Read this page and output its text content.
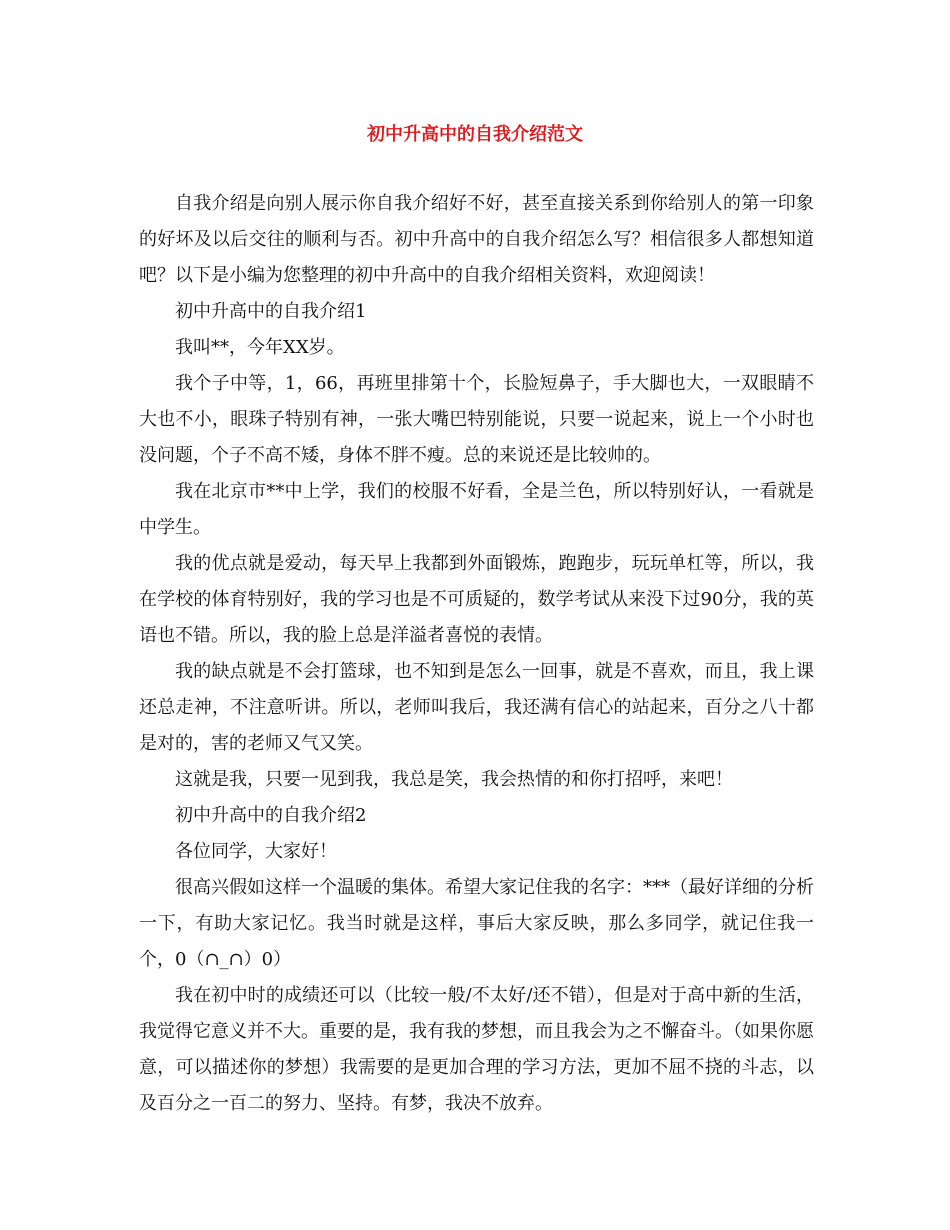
初中升高中的自我介绍范文

自我介绍是向别人展示你自我介绍好不好，甚至直接关系到你给别人的第一印象的好坏及以后交往的顺利与否。初中升高中的自我介绍怎么写？相信很多人都想知道吧？以下是小编为您整理的初中升高中的自我介绍相关资料，欢迎阅读！

初中升高中的自我介绍1

我叫**，今年XX岁。

我个子中等，1，66，再班里排第十个，长脸短鼻子，手大脚也大，一双眼睛不大也不小，眼珠子特别有神，一张大嘴巴特别能说，只要一说起来，说上一个小时也没问题，个子不高不矮，身体不胖不瘦。总的来说还是比较帅的。

我在北京市**中上学，我们的校服不好看，全是兰色，所以特别好认，一看就是中学生。

我的优点就是爱动，每天早上我都到外面锻炼，跑跑步，玩玩单杠等，所以，我在学校的体育特别好，我的学习也是不可质疑的，数学考试从来没下过90分，我的英语也不错。所以，我的脸上总是洋溢者喜悦的表情。

我的缺点就是不会打篮球，也不知到是怎么一回事，就是不喜欢，而且，我上课还总走神，不注意听讲。所以，老师叫我后，我还满有信心的站起来，百分之八十都是对的，害的老师又气又笑。

这就是我，只要一见到我，我总是笑，我会热情的和你打招呼，来吧！

初中升高中的自我介绍2

各位同学，大家好！

很高兴假如这样一个温暖的集体。希望大家记住我的名字：***（最好详细的分析一下，有助大家记忆。我当时就是这样，事后大家反映，那么多同学，就记住我一个，0（∩_∩）0）

我在初中时的成绩还可以（比较一般/不太好/还不错），但是对于高中新的生活，我觉得它意义并不大。重要的是，我有我的梦想，而且我会为之不懈奋斗。（如果你愿意，可以描述你的梦想）我需要的是更加合理的学习方法，更加不屈不挠的斗志，以及百分之一百二的努力、坚持。有梦，我决不放弃。
